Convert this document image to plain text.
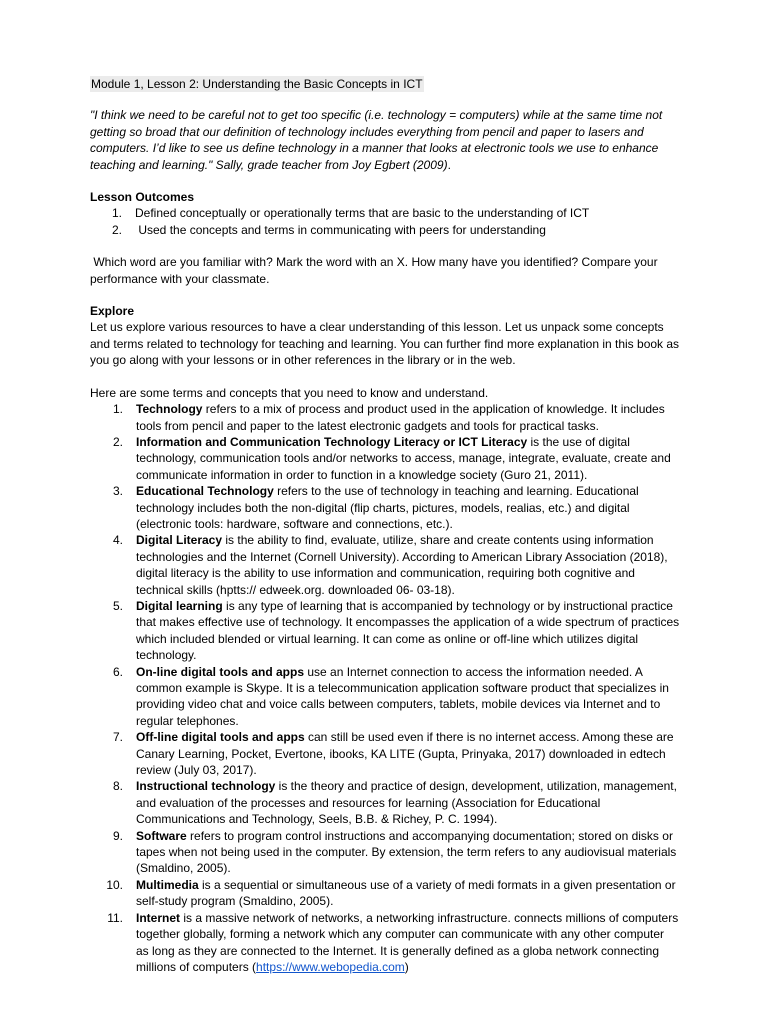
Module 1, Lesson 2: Understanding the Basic Concepts in ICT
"I think we need to be careful not to get too specific (i.e. technology = computers) while at the same time not getting so broad that our definition of technology includes everything from pencil and paper to lasers and computers. I’d like to see us define technology in a manner that looks at electronic tools we use to enhance teaching and learning." Sally, grade teacher from Joy Egbert (2009).
Lesson Outcomes
1. Defined conceptually or operationally terms that are basic to the understanding of ICT
2. Used the concepts and terms in communicating with peers for understanding
Which word are you familiar with? Mark the word with an X. How many have you identified? Compare your performance with your classmate.
Explore
Let us explore various resources to have a clear understanding of this lesson. Let us unpack some concepts and terms related to technology for teaching and learning. You can further find more explanation in this book as you go along with your lessons or in other references in the library or in the web.
Here are some terms and concepts that you need to know and understand.
1. Technology refers to a mix of process and product used in the application of knowledge. It includes tools from pencil and paper to the latest electronic gadgets and tools for practical tasks.
2. Information and Communication Technology Literacy or ICT Literacy is the use of digital technology, communication tools and/or networks to access, manage, integrate, evaluate, create and communicate information in order to function in a knowledge society (Guro 21, 2011).
3. Educational Technology refers to the use of technology in teaching and learning. Educational technology includes both the non-digital (flip charts, pictures, models, realias, etc.) and digital (electronic tools: hardware, software and connections, etc.).
4. Digital Literacy is the ability to find, evaluate, utilize, share and create contents using information technologies and the Internet (Cornell University). According to American Library Association (2018), digital literacy is the ability to use information and communication, requiring both cognitive and technical skills (hptts:// edweek.org. downloaded 06- 03-18).
5. Digital learning is any type of learning that is accompanied by technology or by instructional practice that makes effective use of technology. It encompasses the application of a wide spectrum of practices which included blended or virtual learning. It can come as online or off-line which utilizes digital technology.
6. On-line digital tools and apps use an Internet connection to access the information needed. A common example is Skype. It is a telecommunication application software product that specializes in providing video chat and voice calls between computers, tablets, mobile devices via Internet and to regular telephones.
7. Off-line digital tools and apps can still be used even if there is no internet access. Among these are Canary Learning, Pocket, Evertone, ibooks, KA LITE (Gupta, Prinyaka, 2017) downloaded in edtech review (July 03, 2017).
8. Instructional technology is the theory and practice of design, development, utilization, management, and evaluation of the processes and resources for learning (Association for Educational Communications and Technology, Seels, B.B. & Richey, P. C. 1994).
9. Software refers to program control instructions and accompanying documentation; stored on disks or tapes when not being used in the computer. By extension, the term refers to any audiovisual materials (Smaldino, 2005).
10. Multimedia is a sequential or simultaneous use of a variety of medi formats in a given presentation or self-study program (Smaldino, 2005).
11. Internet is a massive network of networks, a networking infrastructure. connects millions of computers together globally, forming a network which any computer can communicate with any other computer as long as they are connected to the Internet. It is generally defined as a globa network connecting millions of computers (https://www.webopedia.com)
